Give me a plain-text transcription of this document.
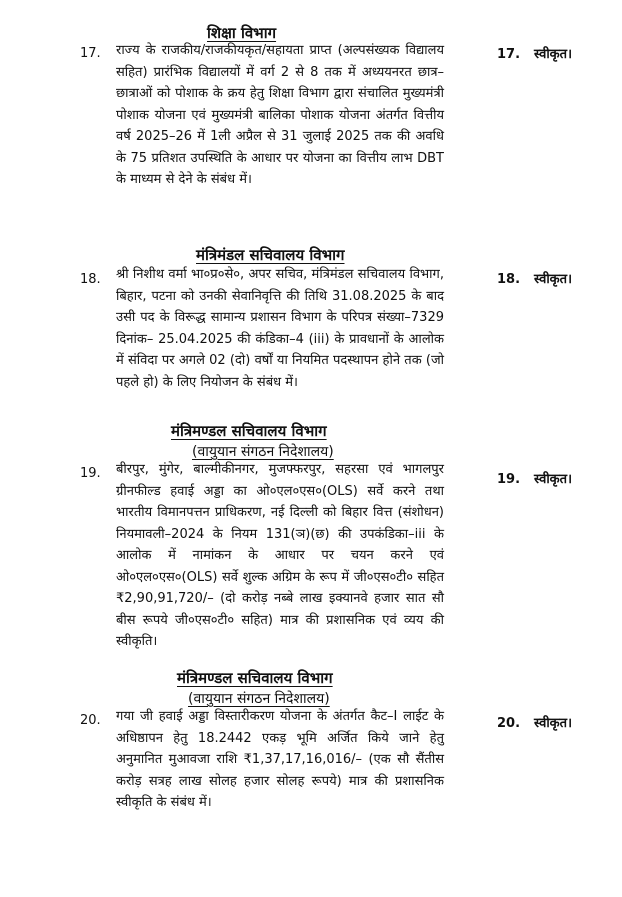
शिक्षा विभाग
17. राज्य के राजकीय/राजकीयकृत/सहायता प्राप्त (अल्पसंख्यक विद्यालय सहित) प्रारंभिक विद्यालयों में वर्ग 2 से 8 तक में अध्ययनरत छात्र–छात्राओं को पोशाक के क्रय हेतु शिक्षा विभाग द्वारा संचालित मुख्यमंत्री पोशाक योजना एवं मुख्यमंत्री बालिका पोशाक योजना अंतर्गत वित्तीय वर्ष 2025–26 में 1ली अप्रैल से 31 जुलाई 2025 तक की अवधि के 75 प्रतिशत उपस्थिति के आधार पर योजना का वित्तीय लाभ DBT के माध्यम से देने के संबंध में।
17. स्वीकृत।
मंत्रिमंडल सचिवालय विभाग
18. श्री निशीथ वर्मा भा०प्र०से०, अपर सचिव, मंत्रिमंडल सचिवालय विभाग, बिहार, पटना को उनकी सेवानिवृत्ति की तिथि 31.08.2025 के बाद उसी पद के विरूद्ध सामान्य प्रशासन विभाग के परिपत्र संख्या–7329 दिनांक– 25.04.2025 की कंडिका–4 (iii) के प्रावधानों के आलोक में संविदा पर अगले 02 (दो) वर्षों या नियमित पदस्थापन होने तक (जो पहले हो) के लिए नियोजन के संबंध में।
18. स्वीकृत।
मंत्रिमण्डल सचिवालय विभाग
(वायुयान संगठन निदेशालय)
19. बीरपुर, मुंगेर, बाल्मीकीनगर, मुजफ्फरपुर, सहरसा एवं भागलपुर ग्रीनफील्ड हवाई अड्डा का ओ०एल०एस०(OLS) सर्वे करने तथा भारतीय विमानपत्तन प्राधिकरण, नई दिल्ली को बिहार वित्त (संशोधन) नियमावली–2024 के नियम 131(ञ)(छ) की उपकंडिका–iii के आलोक में नामांकन के आधार पर चयन करने एवं ओ०एल०एस०(OLS) सर्वे शुल्क अग्रिम के रूप में जी०एस०टी० सहित ₹2,90,91,720/– (दो करोड़ नब्बे लाख इक्यानवे हजार सात सौ बीस रूपये जी०एस०टी० सहित) मात्र की प्रशासनिक एवं व्यय की स्वीकृति।
19. स्वीकृत।
मंत्रिमण्डल सचिवालय विभाग
(वायुयान संगठन निदेशालय)
20. गया जी हवाई अड्डा विस्तारीकरण योजना के अंतर्गत कैट–I लाईट के अधिष्ठापन हेतु 18.2442 एकड़ भूमि अर्जित किये जाने हेतु अनुमानित मुआवजा राशि ₹1,37,17,16,016/– (एक सौ सैंतीस करोड़ सत्रह लाख सोलह हजार सोलह रूपये) मात्र की प्रशासनिक स्वीकृति के संबंध में।
20. स्वीकृत।
